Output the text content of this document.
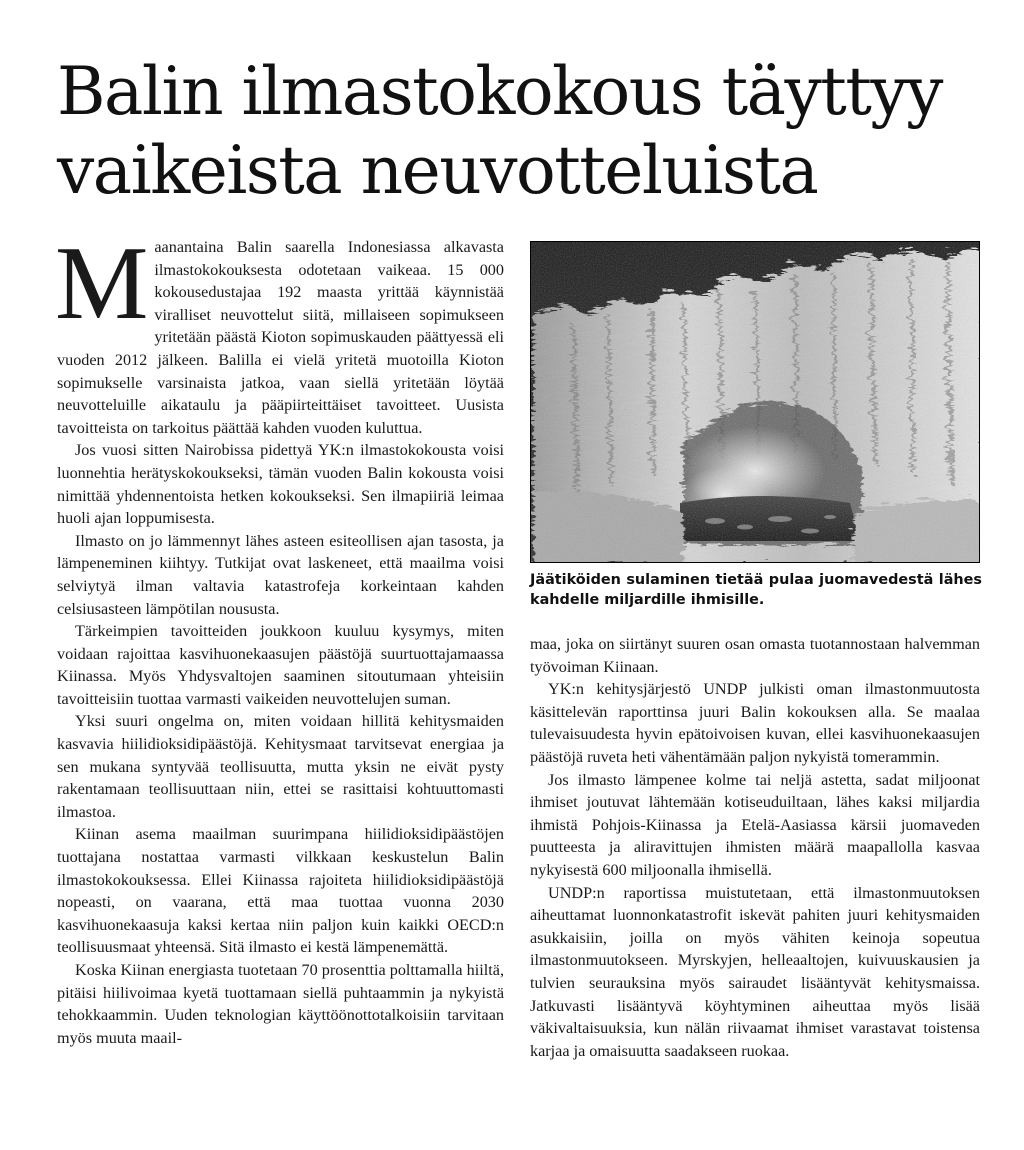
Balin ilmastokokous täyttyy vaikeista neuvotteluista

Maanantaina Balin saarella Indonesiassa alkavasta ilmastokokouksesta odotetaan vaikeaa. 15 000 kokousedustajaa 192 maasta yrittää käynnistää viralliset neuvottelut siitä, millaiseen sopimukseen yritetään päästä Kioton sopimuskauden päättyessä eli vuoden 2012 jälkeen. Balilla ei vielä yritetä muotoilla Kioton sopimukselle varsinaista jatkoa, vaan siellä yritetään löytää neuvotteluille aikataulu ja pääpiirteittäiset tavoitteet. Uusista tavoitteista on tarkoitus päättää kahden vuoden kuluttua.

Jos vuosi sitten Nairobissa pidettyä YK:n ilmastokokousta voisi luonnehtia herätyskokoukseksi, tämän vuoden Balin kokousta voisi nimittää yhdennentoista hetken kokoukseksi. Sen ilmapiiriä leimaa huoli ajan loppumisesta.

Ilmasto on jo lämmennyt lähes asteen esiteollisen ajan tasosta, ja lämpeneminen kiihtyy. Tutkijat ovat laskeneet, että maailma voisi selviytyä ilman valtavia katastrofeja korkeintaan kahden celsiusasteen lämpötilan noususta.

Tärkeimpien tavoitteiden joukkoon kuuluu kysymys, miten voidaan rajoittaa kasvihuonekaasujen päästöjä suurtuottajamaassa Kiinassa. Myös Yhdysvaltojen saaminen sitoutumaan yhteisiin tavoitteisiin tuottaa varmasti vaikeiden neuvottelujen suman.

Yksi suuri ongelma on, miten voidaan hillitä kehitysmaiden kasvavia hiilidioksidipäästöjä. Kehitysmaat tarvitsevat energiaa ja sen mukana syntyvää teollisuutta, mutta yksin ne eivät pysty rakentamaan teollisuuttaan niin, ettei se rasittaisi kohtuuttomasti ilmastoa.

Kiinan asema maailman suurimpana hiilidioksidipäästöjen tuottajana nostattaa varmasti vilkkaan keskustelun Balin ilmastokokouksessa. Ellei Kiinassa rajoiteta hiilidioksidipäästöjä nopeasti, on vaarana, että maa tuottaa vuonna 2030 kasvihuonekaasuja kaksi kertaa niin paljon kuin kaikki OECD:n teollisuusmaat yhteensä. Sitä ilmasto ei kestä lämpenemättä.

Koska Kiinan energiasta tuotetaan 70 prosenttia polttamalla hiiltä, pitäisi hiilivoimaa kyetä tuottamaan siellä puhtaammin ja nykyistä tehokkaammin. Uuden teknologian käyttöönottotalkoisiin tarvitaan myös muuta maail-

Jäätiköiden sulaminen tietää pulaa juomavedestä lähes kahdelle miljardille ihmisille.

maa, joka on siirtänyt suuren osan omasta tuotannostaan halvemman työvoiman Kiinaan.

YK:n kehitysjärjestö UNDP julkisti oman ilmastonmuutosta käsittelevän raporttinsa juuri Balin kokouksen alla. Se maalaa tulevaisuudesta hyvin epätoivoisen kuvan, ellei kasvihuonekaasujen päästöjä ruveta heti vähentämään paljon nykyistä tomerammin.

Jos ilmasto lämpenee kolme tai neljä astetta, sadat miljoonat ihmiset joutuvat lähtemään kotiseuduiltaan, lähes kaksi miljardia ihmistä Pohjois-Kiinassa ja Etelä-Aasiassa kärsii juomaveden puutteesta ja aliravittujen ihmisten määrä maapallolla kasvaa nykyisestä 600 miljoonalla ihmisellä.

UNDP:n raportissa muistutetaan, että ilmastonmuutoksen aiheuttamat luonnonkatastrofit iskevät pahiten juuri kehitysmaiden asukkaisiin, joilla on myös vähiten keinoja sopeutua ilmastonmuutokseen. Myrskyjen, helleaaltojen, kuivuuskausien ja tulvien seurauksina myös sairaudet lisääntyvät kehitysmaissa. Jatkuvasti lisääntyvä köyhtyminen aiheuttaa myös lisää väkivaltaisuuksia, kun nälän riivaamat ihmiset varastavat toistensa karjaa ja omaisuutta saadakseen ruokaa.
